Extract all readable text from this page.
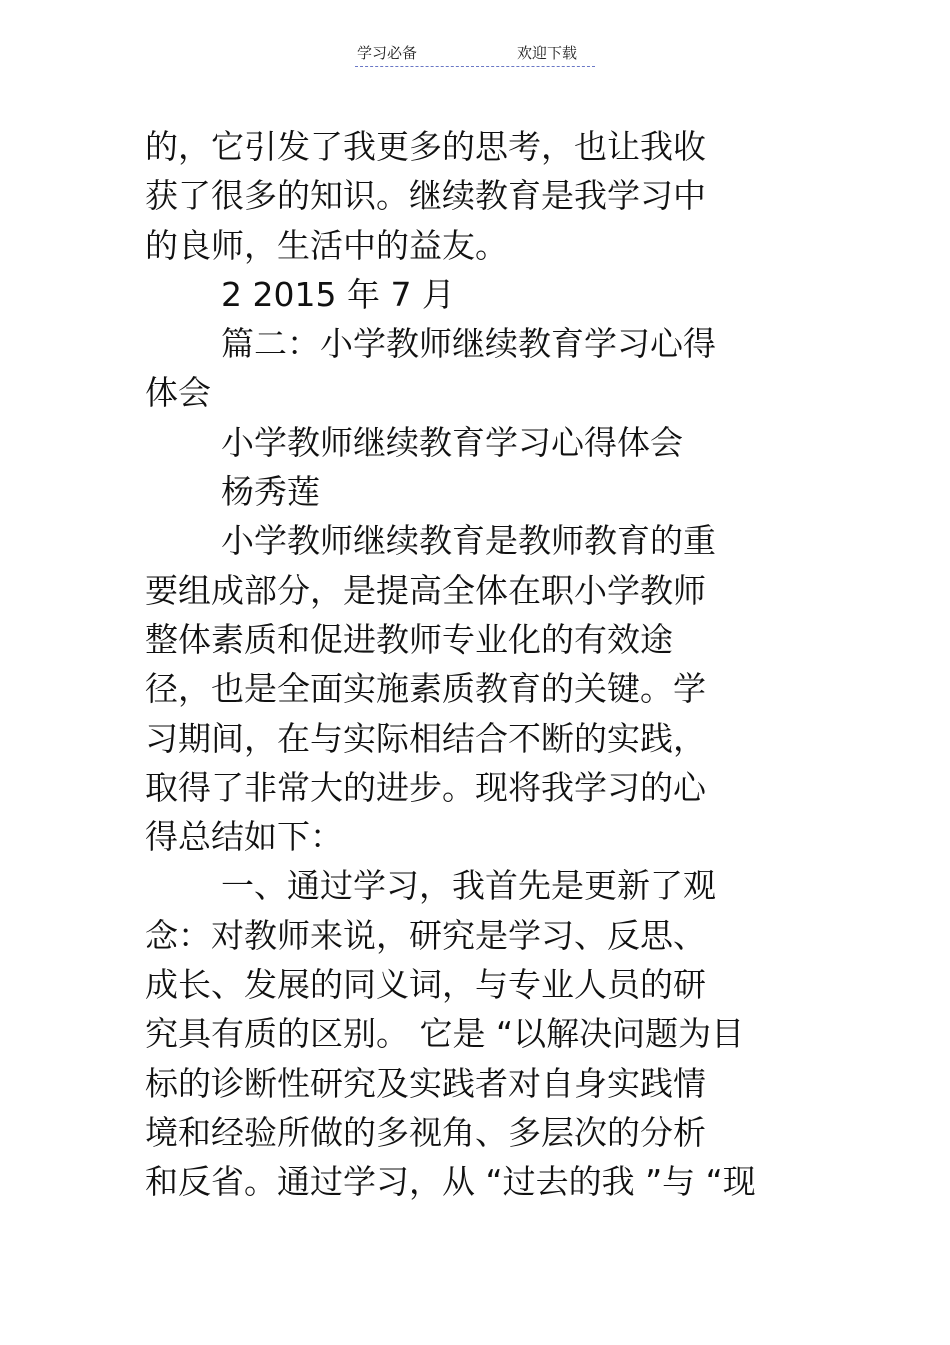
学习必备	欢迎下载
的，它引发了我更多的思考，也让我收
获了很多的知识。继续教育是我学习中
的良师，生活中的益友。
2 2015 年 7 月
篇二：小学教师继续教育学习心得
体会
小学教师继续教育学习心得体会
杨秀莲
小学教师继续教育是教师教育的重
要组成部分，是提高全体在职小学教师
整体素质和促进教师专业化的有效途
径，也是全面实施素质教育的关键。学
习期间，在与实际相结合不断的实践，
取得了非常大的进步。现将我学习的心
得总结如下：
一、通过学习，我首先是更新了观
念：对教师来说，研究是学习、反思、
成长、发展的同义词，与专业人员的研
究具有质的区别。 它是 “以解决问题为目
标的诊断性研究及实践者对自身实践情
境和经验所做的多视角、多层次的分析
和反省。通过学习，从 “过去的我 ”与 “现
